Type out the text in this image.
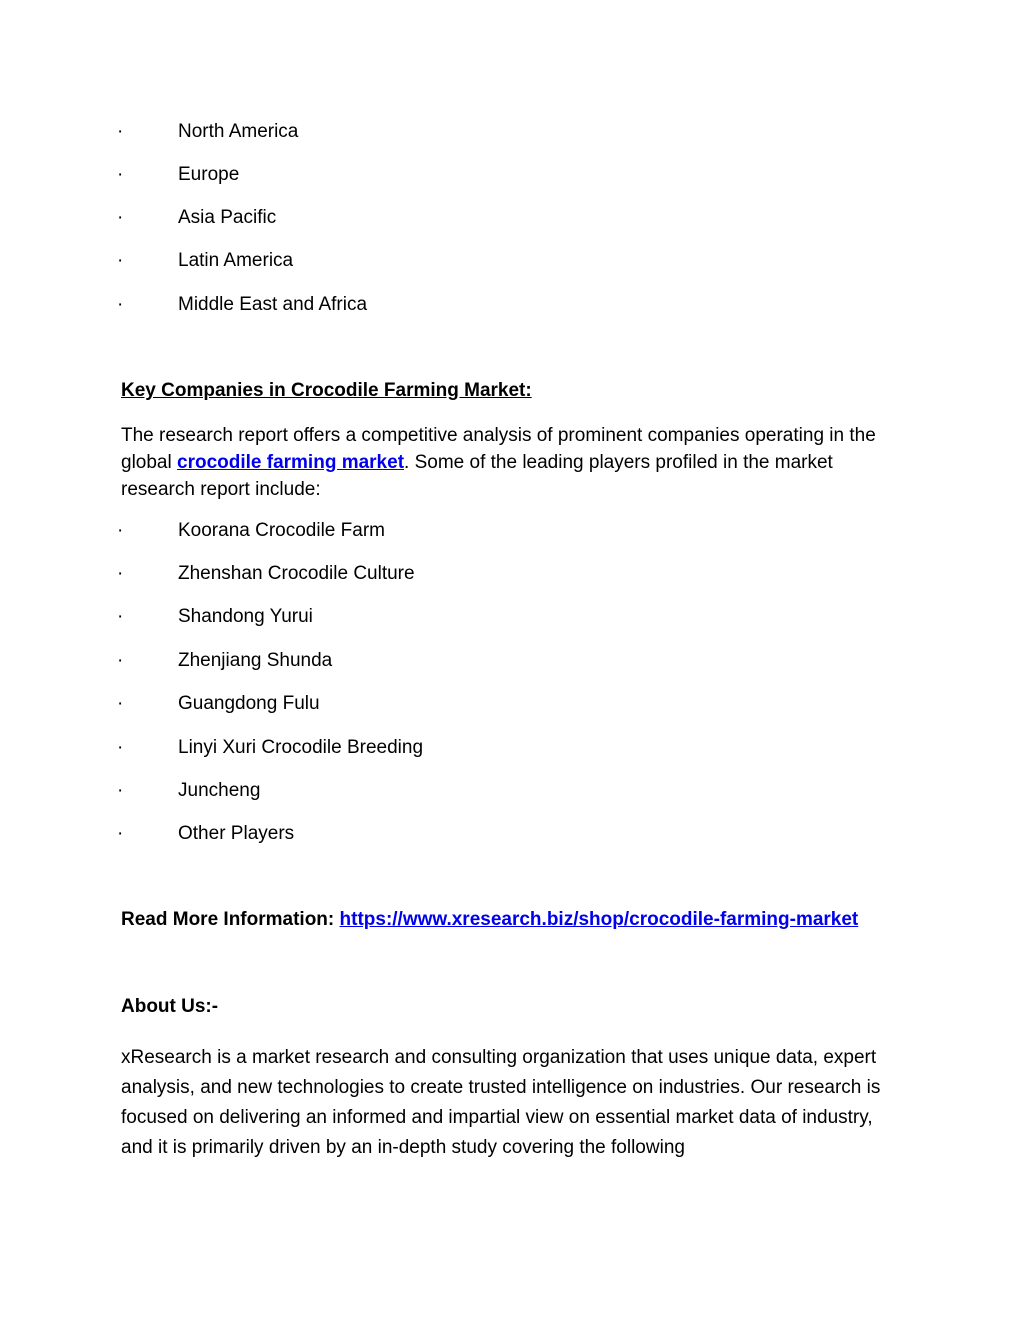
·	North America
·	Europe
·	Asia Pacific
·	Latin America
·	Middle East and Africa
Key Companies in Crocodile Farming Market:
The research report offers a competitive analysis of prominent companies operating in the global crocodile farming market. Some of the leading players profiled in the market research report include:
·	Koorana Crocodile Farm
·	Zhenshan Crocodile Culture
·	Shandong Yurui
·	Zhenjiang Shunda
·	Guangdong Fulu
·	Linyi Xuri Crocodile Breeding
·	Juncheng
·	Other Players
Read More Information: https://www.xresearch.biz/shop/crocodile-farming-market
About Us:-
xResearch is a market research and consulting organization that uses unique data, expert analysis, and new technologies to create trusted intelligence on industries. Our research is focused on delivering an informed and impartial view on essential market data of industry, and it is primarily driven by an in-depth study covering the following
